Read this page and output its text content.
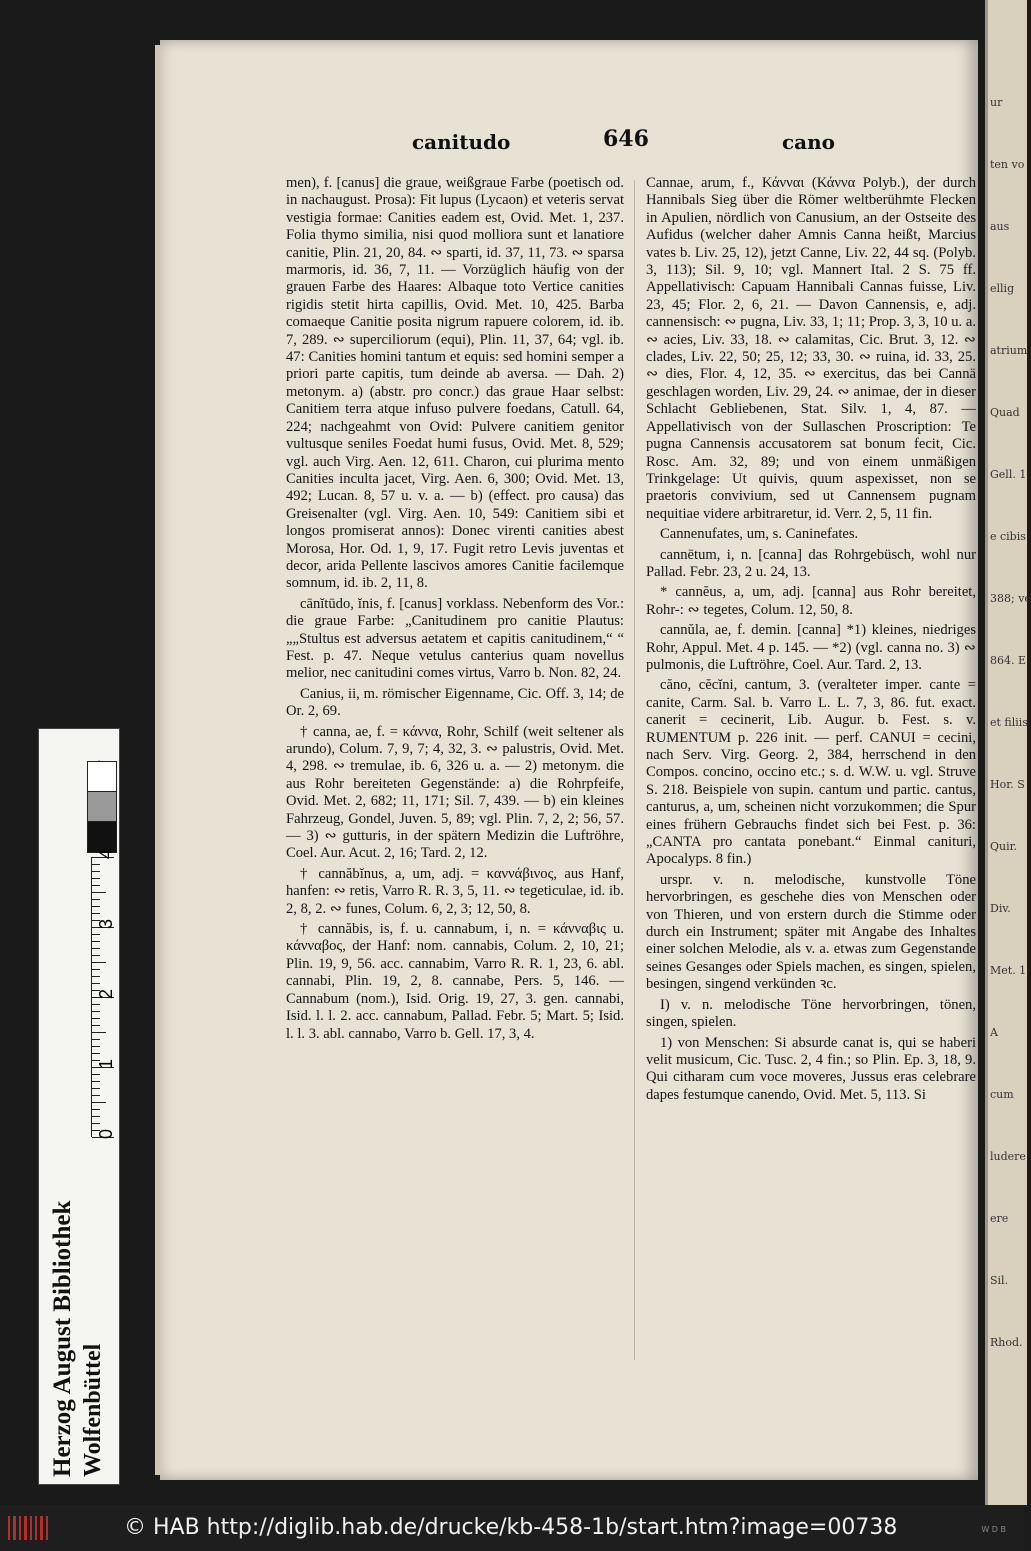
ur
ten vo
aus
ellig
atrium
Quad
Gell. 1
e cibis
388; ve
864. E
et filiis
Hor. S
Quir.
Div.
Met. 1
A
cum
ludere
ere
Sil.
Rhod.
canitudo	646	cano

men), f. [canus] die graue, weißgraue Farbe (poetisch od. in nachaugust. Prosa): Fit lupus (Lycaon) et veteris servat vestigia formae: Canities eadem est, Ovid. Met. 1, 237. Folia thymo similia, nisi quod molliora sunt et lanatiore canitie, Plin. 21, 20, 84. ∾ sparti, id. 37, 11, 73. ∾ sparsa marmoris, id. 36, 7, 11. — Vorzüglich häufig von der grauen Farbe des Haares: Albaque toto Vertice canities rigidis stetit hirta capillis, Ovid. Met. 10, 425. Barba comaeque Canitie posita nigrum rapuere colorem, id. ib. 7, 289. ∾ superciliorum (equi), Plin. 11, 37, 64; vgl. ib. 47: Canities homini tantum et equis: sed homini semper a priori parte capitis, tum deinde ab aversa. — Dah. 2) metonym. a) (abstr. pro concr.) das graue Haar selbst: Canitiem terra atque infuso pulvere foedans, Catull. 64, 224; nachgeahmt von Ovid: Pulvere canitiem genitor vultusque seniles Foedat humi fusus, Ovid. Met. 8, 529; vgl. auch Virg. Aen. 12, 611. Charon, cui plurima mento Canities inculta jacet, Virg. Aen. 6, 300; Ovid. Met. 13, 492; Lucan. 8, 57 u. v. a. — b) (effect. pro causa) das Greisenalter (vgl. Virg. Aen. 10, 549: Canitiem sibi et longos promiserat annos): Donec virenti canities abest Morosa, Hor. Od. 1, 9, 17. Fugit retro Levis juventas et decor, arida Pellente lascivos amores Canitie facilemque somnum, id. ib. 2, 11, 8.

cānĭtūdo, ĭnis, f. [canus] vorklass. Nebenform des Vor.: die graue Farbe: „Canitudinem pro canitie Plautus: „„Stultus est adversus aetatem et capitis canitudinem,“ “ Fest. p. 47. Neque vetulus canterius quam novellus melior, nec canitudini comes virtus, Varro b. Non. 82, 24.

Canius, ii, m. römischer Eigenname, Cic. Off. 3, 14; de Or. 2, 69.

† canna, ae, f. = κάννα, Rohr, Schilf (weit seltener als arundo), Colum. 7, 9, 7; 4, 32, 3. ∾ palustris, Ovid. Met. 4, 298. ∾ tremulae, ib. 6, 326 u. a. — 2) metonym. die aus Rohr bereiteten Gegenstände: a) die Rohrpfeife, Ovid. Met. 2, 682; 11, 171; Sil. 7, 439. — b) ein kleines Fahrzeug, Gondel, Juven. 5, 89; vgl. Plin. 7, 2, 2; 56, 57. — 3) ∾ gutturis, in der spätern Medizin die Luftröhre, Coel. Aur. Acut. 2, 16; Tard. 2, 12.

† cannăbĭnus, a, um, adj. = καννάβινος, aus Hanf, hanfen: ∾ retis, Varro R. R. 3, 5, 11. ∾ tegeticulae, id. ib. 2, 8, 2. ∾ funes, Colum. 6, 2, 3; 12, 50, 8.

† cannăbis, is, f. u. cannabum, i, n. = κάνναβις u. κάνναβος, der Hanf: nom. cannabis, Colum. 2, 10, 21; Plin. 19, 9, 56. acc. cannabim, Varro R. R. 1, 23, 6. abl. cannabi, Plin. 19, 2, 8. cannabe, Pers. 5, 146. — Cannabum (nom.), Isid. Orig. 19, 27, 3. gen. cannabi, Isid. l. l. 2. acc. cannabum, Pallad. Febr. 5; Mart. 5; Isid. l. l. 3. abl. cannabo, Varro b. Gell. 17, 3, 4.

Cannae, arum, f., Κάνναι (Κάννα Polyb.), der durch Hannibals Sieg über die Römer weltberühmte Flecken in Apulien, nördlich von Canusium, an der Ostseite des Aufidus (welcher daher Amnis Canna heißt, Marcius vates b. Liv. 25, 12), jetzt Canne, Liv. 22, 44 sq. (Polyb. 3, 113); Sil. 9, 10; vgl. Mannert Ital. 2 S. 75 ff. Appellativisch: Capuam Hannibali Cannas fuisse, Liv. 23, 45; Flor. 2, 6, 21. — Davon Cannensis, e, adj. cannensisch: ∾ pugna, Liv. 33, 1; 11; Prop. 3, 3, 10 u. a. ∾ acies, Liv. 33, 18. ∾ calamitas, Cic. Brut. 3, 12. ∾ clades, Liv. 22, 50; 25, 12; 33, 30. ∾ ruina, id. 33, 25. ∾ dies, Flor. 4, 12, 35. ∾ exercitus, das bei Cannä geschlagen worden, Liv. 29, 24. ∾ animae, der in dieser Schlacht Gebliebenen, Stat. Silv. 1, 4, 87. — Appellativisch von der Sullaschen Proscription: Te pugna Cannensis accusatorem sat bonum fecit, Cic. Rosc. Am. 32, 89; und von einem unmäßigen Trinkgelage: Ut quivis, quum aspexisset, non se praetoris convivium, sed ut Cannensem pugnam nequitiae videre arbitraretur, id. Verr. 2, 5, 11 fin.

Cannenufates, um, s. Caninefates.

cannētum, i, n. [canna] das Rohrgebüsch, wohl nur Pallad. Febr. 23, 2 u. 24, 13.

* cannĕus, a, um, adj. [canna] aus Rohr bereitet, Rohr-: ∾ tegetes, Colum. 12, 50, 8.

cannŭla, ae, f. demin. [canna] *1) kleines, niedriges Rohr, Appul. Met. 4 p. 145. — *2) (vgl. canna no. 3) ∾ pulmonis, die Luftröhre, Coel. Aur. Tard. 2, 13.

căno, cĕcĭni, cantum, 3. (veralteter imper. cante = canite, Carm. Sal. b. Varro L. L. 7, 3, 86. fut. exact. canerit = cecinerit, Lib. Augur. b. Fest. s. v. RUMENTUM p. 226 init. — perf. CANUI = cecini, nach Serv. Virg. Georg. 2, 384, herrschend in den Compos. concino, occino etc.; s. d. W.W. u. vgl. Struve S. 218. Beispiele von supin. cantum und partic. cantus, canturus, a, um, scheinen nicht vorzukommen; die Spur eines frühern Gebrauchs findet sich bei Fest. p. 36: „CANTA pro cantata ponebant.“ Einmal canituri, Apocalyps. 8 fin.)

urspr. v. n. melodische, kunstvolle Töne hervorbringen, es geschehe dies von Menschen oder von Thieren, und von erstern durch die Stimme oder durch ein Instrument; später mit Angabe des Inhaltes einer solchen Melodie, als v. a. etwas zum Gegenstande seines Gesanges oder Spiels machen, es singen, spielen, besingen, singend verkünden ꝛc.

I) v. n. melodische Töne hervorbringen, tönen, singen, spielen.

1) von Menschen: Si absurde canat is, qui se haberi velit musicum, Cic. Tusc. 2, 4 fin.; so Plin. Ep. 3, 18, 9. Qui citharam cum voce moveres, Jussus eras celebrare dapes festumque canendo, Ovid. Met. 5, 113. Si

Herzog August Bibliothek Wolfenbüttel
0
1
2
3
4
© HAB http://diglib.hab.de/drucke/kb-458-1b/start.htm?image=00738	W D B
